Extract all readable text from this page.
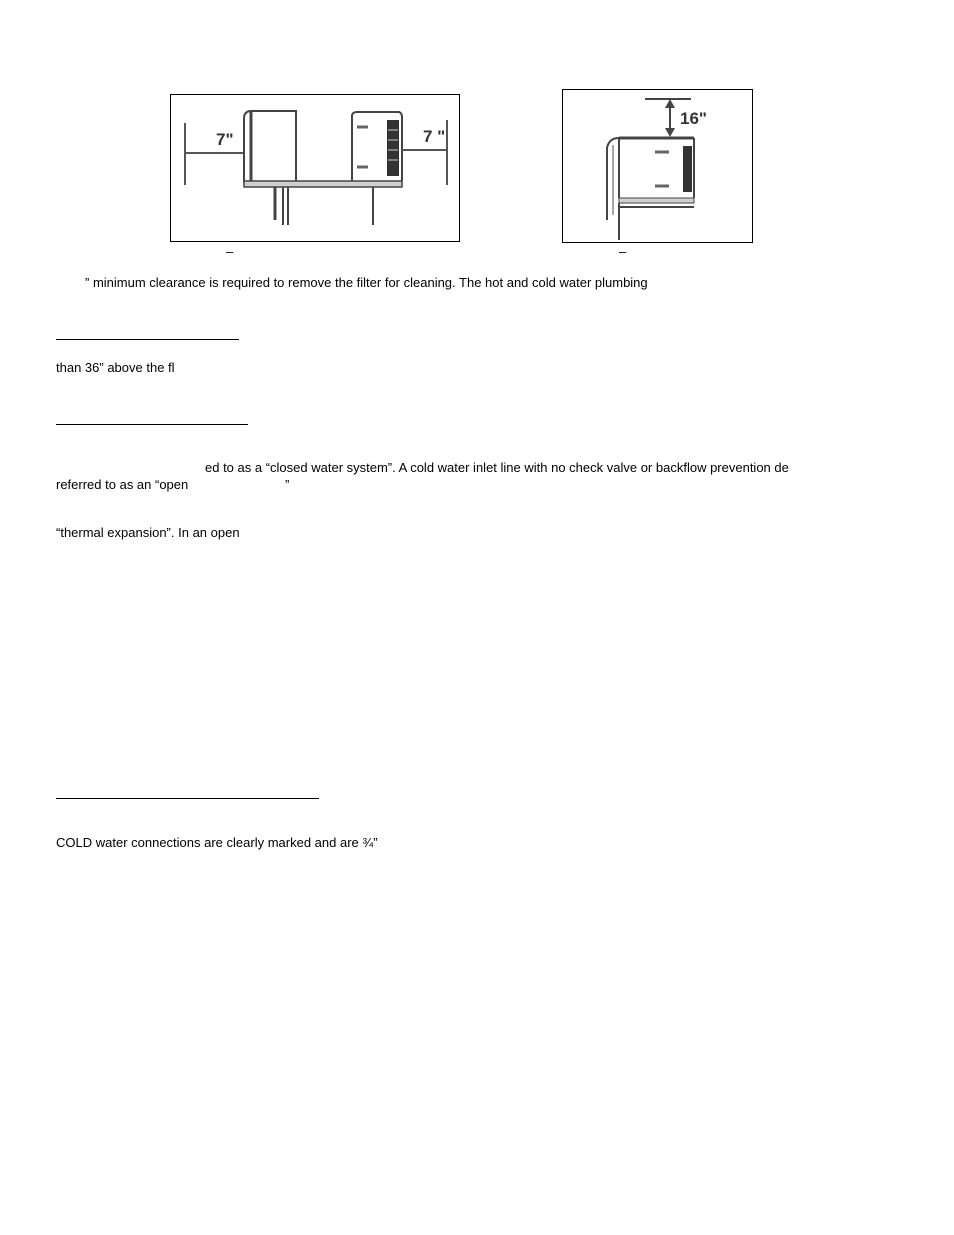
7"	7 "
–
16"
–
” minimum clearance is required to remove the filter for cleaning. The hot and cold water plumbing
than 36” above the fl
ed to as a “closed water system”. A cold water inlet line with no check valve or backflow prevention de
referred to as an “open	”
“thermal expansion”. In an open
COLD water connections are clearly marked and are ¾”
